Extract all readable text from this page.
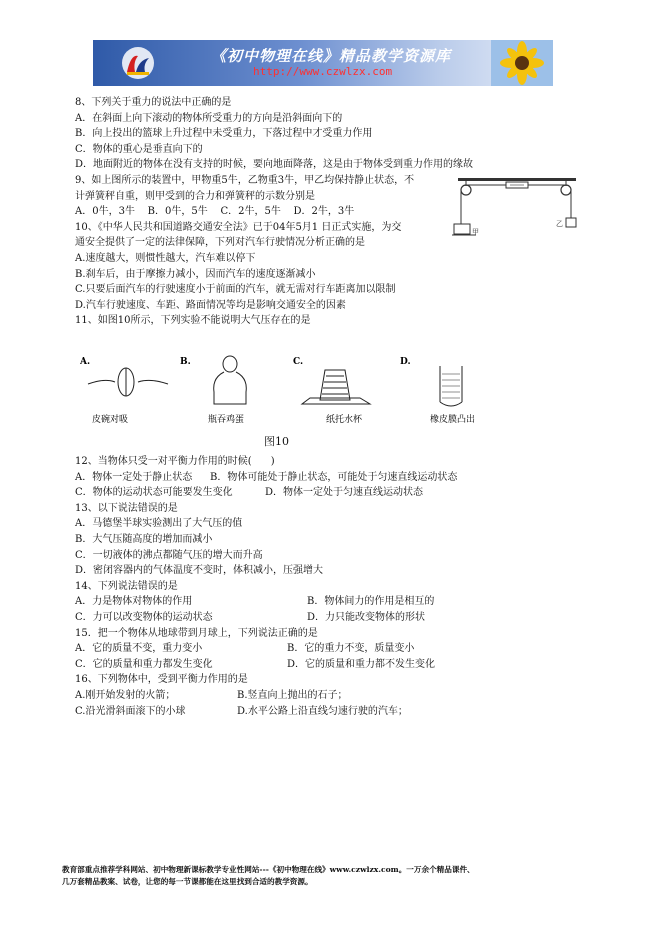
《初中物理在线》精品教学资源库
http://www.czwlzx.com
8、下列关于重力的说法中正确的是
A．在斜面上向下滚动的物体所受重力的方向是沿斜面向下的
B．向上投出的篮球上升过程中未受重力，下落过程中才受重力作用
C．物体的重心是垂直向下的
D．地面附近的物体在没有支持的时候，要向地面降落，这是由于物体受到重力作用的缘故
9、如上图所示的装置中，甲物重5牛，乙物重3牛，甲乙均保持静止状态，不
计弹簧秤自重，则甲受到的合力和弹簧秤的示数分别是
A．0牛，3牛    B．0牛，5牛    C．2牛，5牛    D．2牛，3牛
10、《中华人民共和国道路交通安全法》已于04年5月1 日正式实施，为交
通安全提供了一定的法律保障，下列对汽车行驶情况分析正确的是
A.速度越大，则惯性越大，汽车难以停下
B.刹车后，由于摩擦力减小，因而汽车的速度逐渐减小
C.只要后面汽车的行驶速度小于前面的汽车，就无需对行车距离加以限制
D.汽车行驶速度、车距、路面情况等均是影响交通安全的因素
11、如图10所示，下列实验不能说明大气压存在的是
甲
乙
A.	B.	C.	D.
皮碗对吸	瓶吞鸡蛋	纸托水杯	橡皮膜凸出
图10
12、当物体只受一对平衡力作用的时候(      )
A．物体一定处于静止状态	B．物体可能处于静止状态，可能处于匀速直线运动状态
C．物体的运动状态可能要发生变化	D．物体一定处于匀速直线运动状态
13、以下说法错误的是
A．马德堡半球实验测出了大气压的值
B．大气压随高度的增加而减小
C．一切液体的沸点都随气压的增大而升高
D．密闭容器内的气体温度不变时，体积减小，压强增大
14、下列说法错误的是
A．力是物体对物体的作用	B．物体间力的作用是相互的
C．力可以改变物体的运动状态	D．力只能改变物体的形状
15．把一个物体从地球带到月球上，下列说法正确的是
A．它的质量不变，重力变小	B．它的重力不变，质量变小
C．它的质量和重力都发生变化	D．它的质量和重力都不发生变化
16、下列物体中，受到平衡力作用的是
A.刚开始发射的火箭；	B.竖直向上抛出的石子；
C.沿光滑斜面滚下的小球	D.水平公路上沿直线匀速行驶的汽车；
教育部重点推荐学科网站、初中物理新课标教学专业性网站---《初中物理在线》www.czwlzx.com。一万余个精品课件、
几万套精品教案、试卷，让您的每一节课都能在这里找到合适的教学资源。
